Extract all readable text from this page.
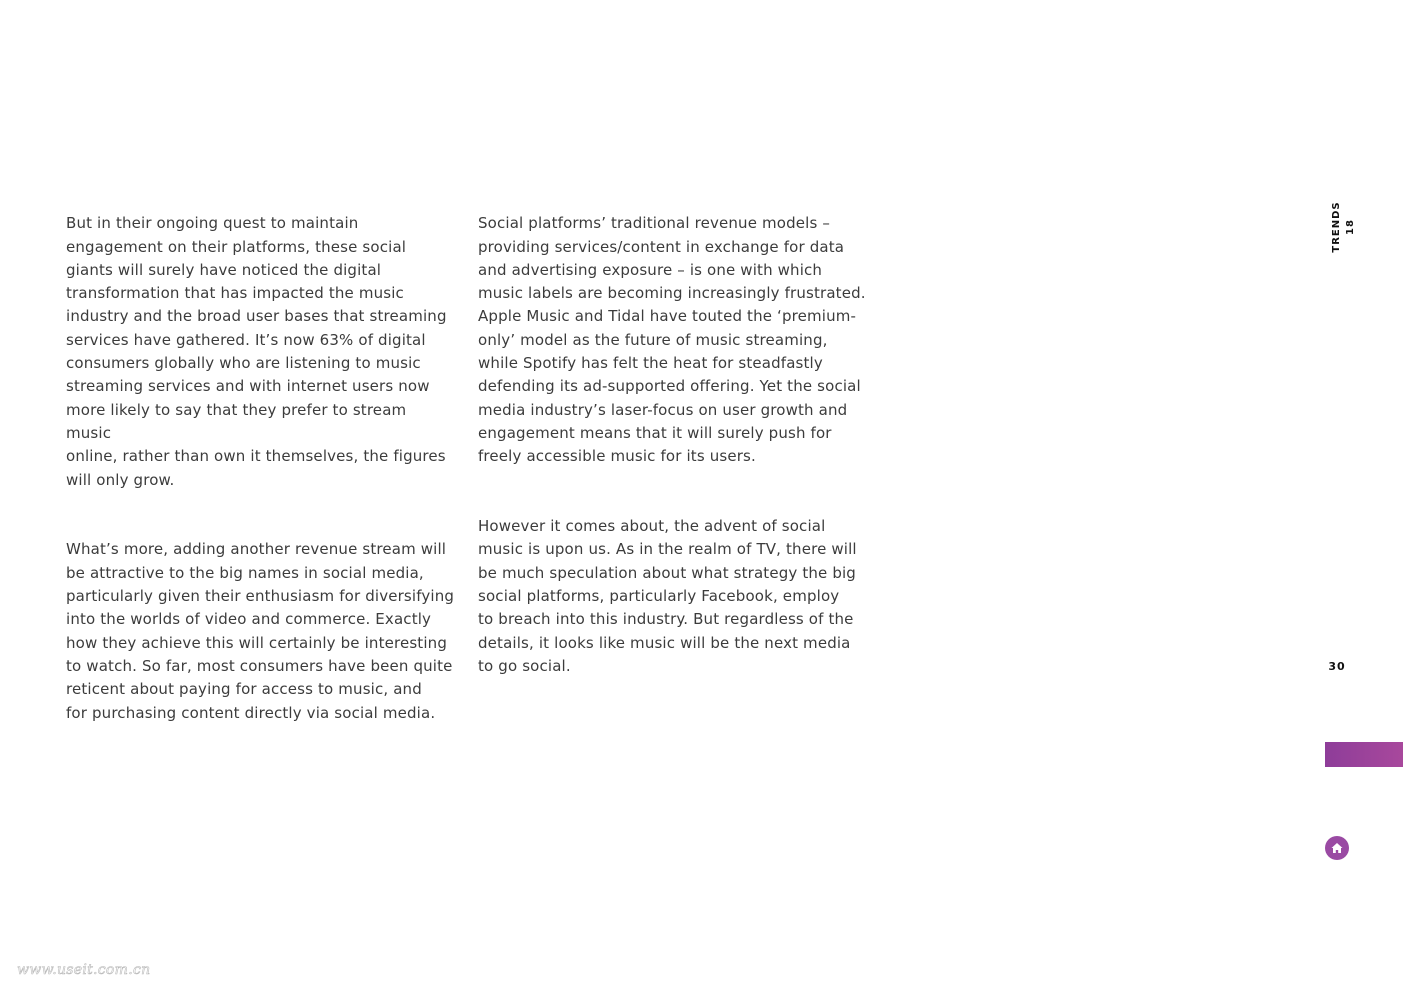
But in their ongoing quest to maintain
engagement on their platforms, these social
giants will surely have noticed the digital
transformation that has impacted the music
industry and the broad user bases that streaming
services have gathered. It’s now 63% of digital
consumers globally who are listening to music
streaming services and with internet users now
more likely to say that they prefer to stream music
online, rather than own it themselves, the figures
will only grow.

What’s more, adding another revenue stream will
be attractive to the big names in social media,
particularly given their enthusiasm for diversifying
into the worlds of video and commerce. Exactly
how they achieve this will certainly be interesting
to watch. So far, most consumers have been quite
reticent about paying for access to music, and
for purchasing content directly via social media.

Social platforms’ traditional revenue models –
providing services/content in exchange for data
and advertising exposure – is one with which
music labels are becoming increasingly frustrated.
Apple Music and Tidal have touted the ‘premium-
only’ model as the future of music streaming,
while Spotify has felt the heat for steadfastly
defending its ad-supported offering. Yet the social
media industry’s laser-focus on user growth and
engagement means that it will surely push for
freely accessible music for its users.

However it comes about, the advent of social
music is upon us. As in the realm of TV, there will
be much speculation about what strategy the big
social platforms, particularly Facebook, employ
to breach into this industry. But regardless of the
details, it looks like music will be the next media
to go social.

TRENDS 18
30
www.useit.com.cn
